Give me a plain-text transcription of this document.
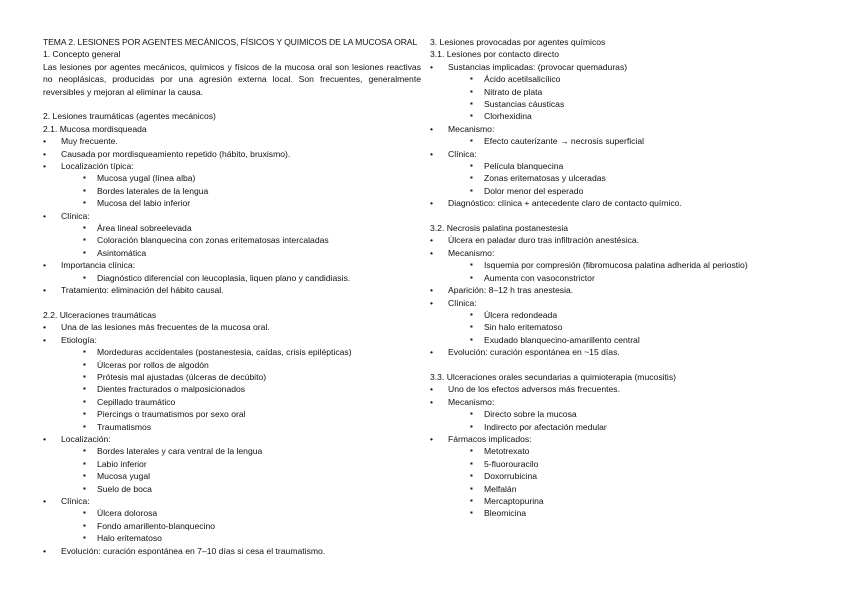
TEMA 2. LESIONES POR AGENTES MECÁNICOS, FÍSICOS Y QUIMICOS DE LA MUCOSA ORAL
1. Concepto general
Las lesiones por agentes mecánicos, químicos y físicos de la mucosa oral son lesiones reactivas no neoplásicas, producidas por una agresión externa local. Son frecuentes, generalmente reversibles y mejoran al eliminar la causa.
2. Lesiones traumáticas (agentes mecánicos)
2.1. Mucosa mordisqueada
• Muy frecuente.
• Causada por mordisqueamiento repetido (hábito, bruxismo).
• Localización típica:
▪ Mucosa yugal (línea alba)
▪ Bordes laterales de la lengua
▪ Mucosa del labio inferior
• Clínica:
▪ Área lineal sobreelevada
▪ Coloración blanquecina con zonas eritematosas intercaladas
▪ Asintomática
• Importancia clínica:
▪ Diagnóstico diferencial con leucoplasia, liquen plano y candidiasis.
• Tratamiento: eliminación del hábito causal.
2.2. Ulceraciones traumáticas
• Una de las lesiones más frecuentes de la mucosa oral.
• Etiología:
▪ Mordeduras accidentales (postanestesia, caídas, crisis epilépticas)
▪ Úlceras por rollos de algodón
▪ Prótesis mal ajustadas (úlceras de decúbito)
▪ Dientes fracturados o malposicionados
▪ Cepillado traumático
▪ Piercings o traumatismos por sexo oral
▪ Traumatismos
• Localización:
▪ Bordes laterales y cara ventral de la lengua
▪ Labio inferior
▪ Mucosa yugal
▪ Suelo de boca
• Clínica:
▪ Úlcera dolorosa
▪ Fondo amarillento-blanquecino
▪ Halo eritematoso
• Evolución: curación espontánea en 7–10 días si cesa el traumatismo.
3. Lesiones provocadas por agentes químicos
3.1. Lesiones por contacto directo
• Sustancias implicadas: (provocar quemaduras)
▪ Ácido acetilsalicílico
▪ Nitrato de plata
▪ Sustancias cáusticas
▪ Clorhexidina
• Mecanismo:
▪ Efecto cauterizante → necrosis superficial
• Clínica:
▪ Película blanquecina
▪ Zonas eritematosas y ulceradas
▪ Dolor menor del esperado
• Diagnóstico: clínica + antecedente claro de contacto químico.
3.2. Necrosis palatina postanestesia
• Úlcera en paladar duro tras infiltración anestésica.
• Mecanismo:
▪ Isquemia por compresión (fibromucosa palatina adherida al periostio)
▪ Aumenta con vasoconstrictor
• Aparición: 8–12 h tras anestesia.
• Clínica:
▪ Úlcera redondeada
▪ Sin halo eritematoso
▪ Exudado blanquecino-amarillento central
• Evolución: curación espontánea en ~15 días.
3.3. Ulceraciones orales secundarias a quimioterapia (mucositis)
• Uno de los efectos adversos más frecuentes.
• Mecanismo:
▪ Directo sobre la mucosa
▪ Indirecto por afectación medular
• Fármacos implicados:
▪ Metotrexato
▪ 5-fluorouracilo
▪ Doxorrubicina
▪ Melfalán
▪ Mercaptopurina
▪ Bleomicina
